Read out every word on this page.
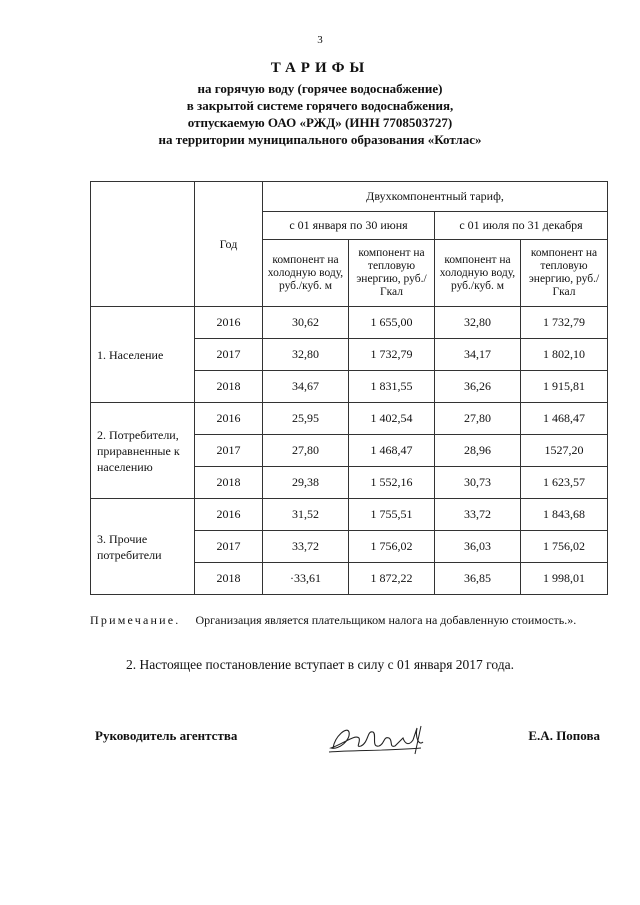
3
ТАРИФЫ
на горячую воду (горячее водоснабжение)
в закрытой системе горячего водоснабжения,
отпускаемую ОАО «РЖД» (ИНН 7708503727)
на территории муниципального образования «Котлас»
	Год	Двухкомпонентный тариф,			
		с 01 января по 30 июня		с 01 июля по 31 декабря	
		компонент на холодную воду, руб./куб. м	компонент на тепловую энергию, руб./Гкал	компонент на холодную воду, руб./куб. м	компонент на тепловую энергию, руб./Гкал
1. Население	2016	30,62	1 655,00	32,80	1 732,79
	2017	32,80	1 732,79	34,17	1 802,10
	2018	34,67	1 831,55	36,26	1 915,81
2. Потребители, приравненные к населению	2016	25,95	1 402,54	27,80	1 468,47
	2017	27,80	1 468,47	28,96	1527,20
	2018	29,38	1 552,16	30,73	1 623,57
3. Прочие потребители	2016	31,52	1 755,51	33,72	1 843,68
	2017	33,72	1 756,02	36,03	1 756,02
	2018	·33,61	1 872,22	36,85	1 998,01
Примечание. Организация является плательщиком налога на добавленную стоимость.».
2. Настоящее постановление вступает в силу с 01 января 2017 года.
Руководитель агентства	Е.А. Попова
